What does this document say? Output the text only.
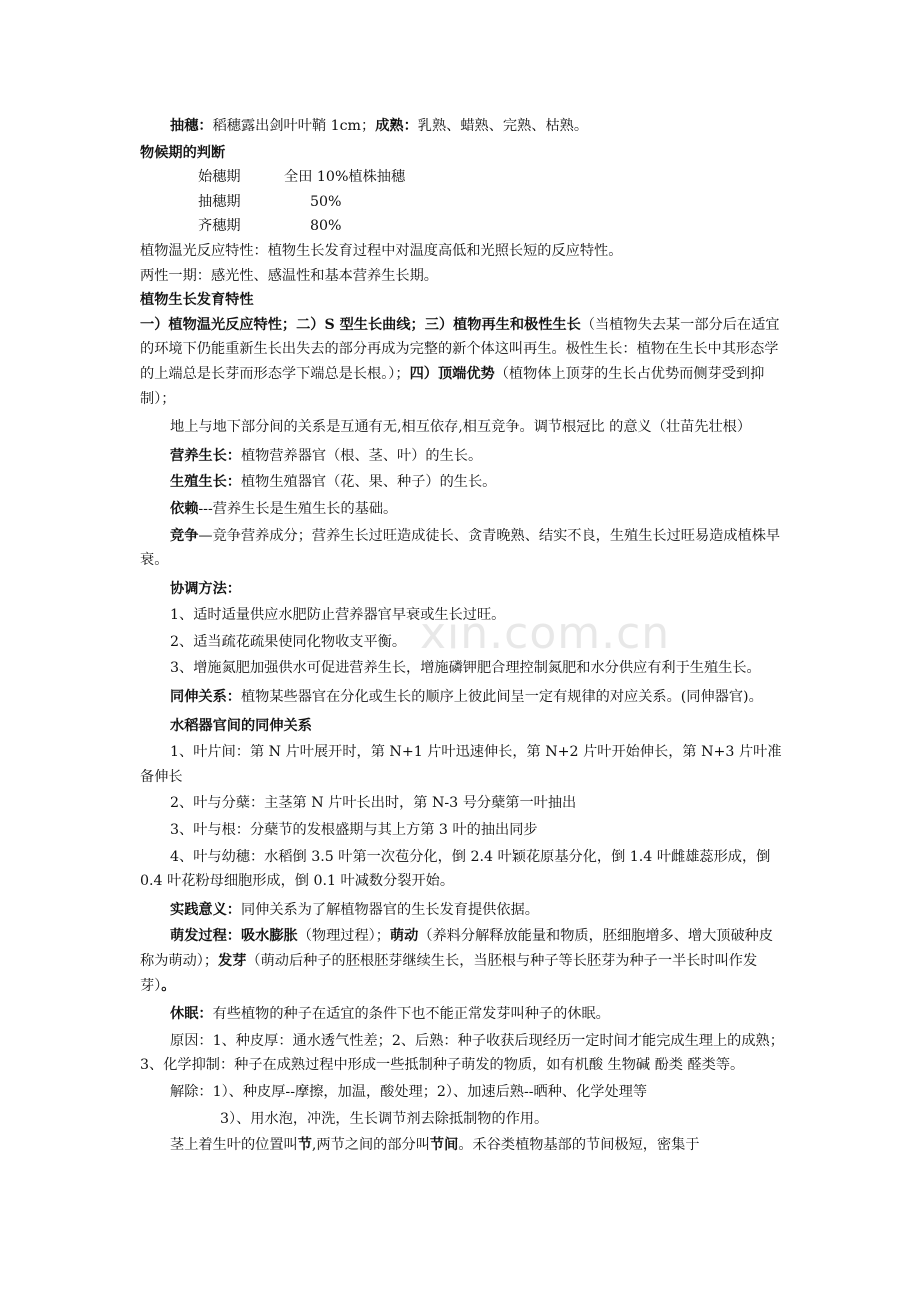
xin.com.cn

抽穗：稻穗露出剑叶叶鞘 1cm；成熟：乳熟、蜡熟、完熟、枯熟。

物候期的判断

始穗期	全田 10%植株抽穗
抽穗期	50%
齐穗期	80%

植物温光反应特性：植物生长发育过程中对温度高低和光照长短的反应特性。

两性一期：感光性、感温性和基本营养生长期。

植物生长发育特性

一）植物温光反应特性；二）S 型生长曲线；三）植物再生和极性生长（当植物失去某一部分后在适宜的环境下仍能重新生长出失去的部分再成为完整的新个体这叫再生。极性生长：植物在生长中其形态学的上端总是长芽而形态学下端总是长根。）；四）顶端优势（植物体上顶芽的生长占优势而侧芽受到抑制）；

地上与地下部分间的关系是互通有无,相互依存,相互竞争。调节根冠比 的意义（壮苗先壮根）

营养生长：植物营养器官（根、茎、叶）的生长。

生殖生长：植物生殖器官（花、果、种子）的生长。

依赖---营养生长是生殖生长的基础。

竞争—竞争营养成分；营养生长过旺造成徒长、贪青晚熟、结实不良，生殖生长过旺易造成植株早衰。

协调方法：

1、适时适量供应水肥防止营养器官早衰或生长过旺。

2、适当疏花疏果使同化物收支平衡。

3、增施氮肥加强供水可促进营养生长，增施磷钾肥合理控制氮肥和水分供应有利于生殖生长。

同伸关系：植物某些器官在分化或生长的顺序上彼此间呈一定有规律的对应关系。(同伸器官)。

水稻器官间的同伸关系

1、叶片间：第 N 片叶展开时，第 N+1 片叶迅速伸长，第 N+2 片叶开始伸长，第 N+3 片叶准备伸长

2、叶与分蘖：主茎第 N 片叶长出时，第 N-3 号分蘖第一叶抽出

3、叶与根：分蘖节的发根盛期与其上方第 3 叶的抽出同步

4、叶与幼穗：水稻倒 3.5 叶第一次苞分化，倒 2.4 叶颖花原基分化，倒 1.4 叶雌雄蕊形成，倒 0.4 叶花粉母细胞形成，倒 0.1 叶减数分裂开始。

实践意义：同伸关系为了解植物器官的生长发育提供依据。

萌发过程：吸水膨胀（物理过程）；萌动（养料分解释放能量和物质，胚细胞增多、增大顶破种皮称为萌动）；发芽（萌动后种子的胚根胚芽继续生长，当胚根与种子等长胚芽为种子一半长时叫作发芽）。

休眠：有些植物的种子在适宜的条件下也不能正常发芽叫种子的休眠。

原因：1、种皮厚：通水透气性差；2、后熟：种子收获后现经历一定时间才能完成生理上的成熟；3、化学抑制：种子在成熟过程中形成一些抵制种子萌发的物质，如有机酸 生物碱 酚类 醛类等。

解除：1）、种皮厚--摩擦，加温，酸处理；2）、加速后熟--晒种、化学处理等

3）、用水泡，冲洗，生长调节剂去除抵制物的作用。

茎上着生叶的位置叫节,两节之间的部分叫节间。禾谷类植物基部的节间极短，密集于
